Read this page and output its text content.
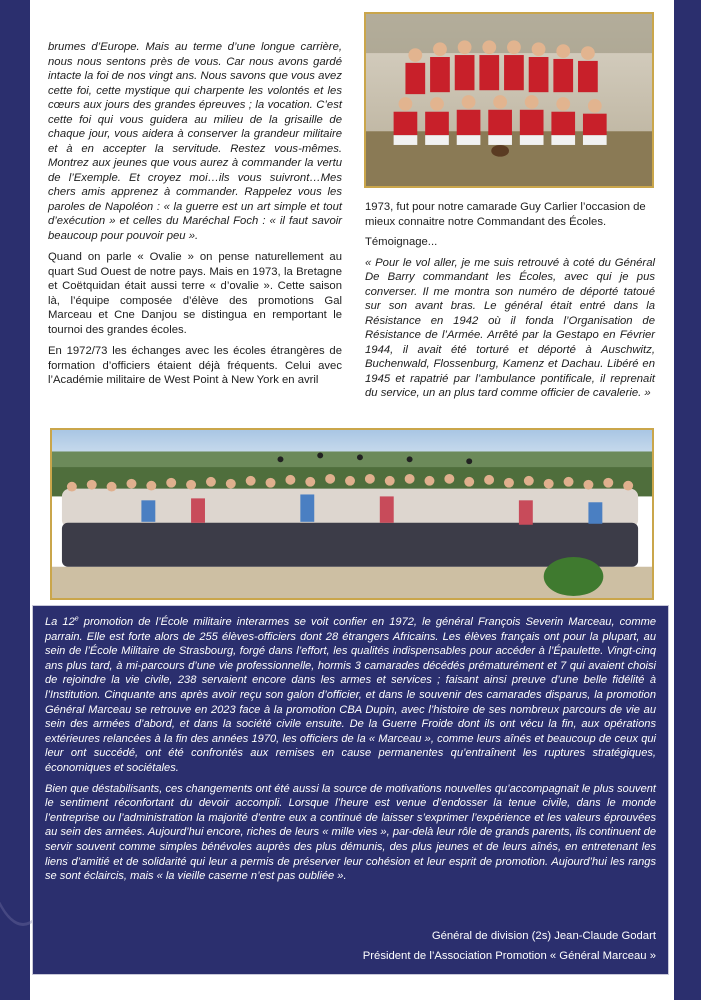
brumes d’Europe. Mais au terme d’une longue carrière, nous nous sentons près de vous. Car nous avons gardé intacte la foi de nos vingt ans. Nous savons que vous avez cette foi, cette mystique qui charpente les volontés et les cœurs aux jours des grandes épreuves ; la vocation. C’est cette foi qui vous guidera au milieu de la grisaille de chaque jour, vous aidera à conserver la grandeur militaire et à en accepter la servitude. Restez vous-mêmes. Montrez aux jeunes que vous aurez à commander la vertu de l’Exemple. Et croyez moi…ils vous suivront…Mes chers amis apprenez à commander. Rappelez vous les paroles de Napoléon : « la guerre est un art simple et tout d’exécution » et celles du Maréchal Foch : « il faut savoir beaucoup pour pouvoir peu ».

Quand on parle « Ovalie » on pense naturellement au quart Sud Ouest de notre pays. Mais en 1973, la Bretagne et Coëtquidan était aussi terre « d’ovalie ». Cette saison là, l’équipe composée d’élève des promotions Gal Marceau et Cne Danjou se distingua en remportant le tournoi des grandes écoles.

En 1972/73 les échanges avec les écoles étrangères de formation d’officiers étaient déjà fréquents. Celui avec l’Académie militaire de West Point à New York en avril

1973, fut pour notre camarade Guy Carlier l’occasion de mieux connaitre notre Commandant des Écoles.

Témoignage...

« Pour le vol aller, je me suis retrouvé à coté du Général De Barry commandant les Écoles, avec qui je pus converser. Il me montra son numéro de déporté tatoué sur son avant bras. Le général était entré dans la Résistance en 1942 où il fonda l’Organisation de Résistance de l’Armée. Arrêté par la Gestapo en Février 1944, il avait été torturé et déporté à Auschwitz, Buchenwald, Flossenburg, Kamenz et Dachau. Libéré en 1945 et rapatrié par l’ambulance pontificale, il reprenait du service, un an plus tard comme officier de cavalerie. »

La 12e promotion de l’École militaire interarmes se voit confier en 1972, le général François Severin Marceau, comme parrain. Elle est forte alors de 255 élèves-officiers dont 28 étrangers Africains. Les élèves français ont pour la plupart, au sein de l’École Militaire de Strasbourg, forgé dans l’effort, les qualités indispensables pour accéder à l’Épaulette. Vingt-cinq ans plus tard, à mi-parcours d’une vie professionnelle, hormis 3 camarades décédés prématurément et 7 qui avaient choisi de rejoindre la vie civile, 238 servaient encore dans les armes et services ; faisant ainsi preuve d’une belle fidélité à l’Institution. Cinquante ans après avoir reçu son galon d’officier, et dans le souvenir des camarades disparus, la promotion Général Marceau se retrouve en 2023 face à la promotion CBA Dupin, avec l’histoire de ses nombreux parcours de vie au sein des armées d’abord, et dans la société civile ensuite. De la Guerre Froide dont ils ont vécu la fin, aux opérations extérieures relancées à la fin des années 1970, les officiers de la « Marceau », comme leurs aînés et beaucoup de ceux qui leur ont succédé, ont été confrontés aux remises en cause permanentes qu’entraînent les ruptures stratégiques, économiques et sociétales.

Bien que déstabilisants, ces changements ont été aussi la source de motivations nouvelles qu’accompagnait le plus souvent le sentiment réconfortant du devoir accompli. Lorsque l’heure est venue d’endosser la tenue civile, dans le monde l’entreprise ou l’administration la majorité d’entre eux a continué de laisser s’exprimer l’expérience et les valeurs éprouvées au sein des armées. Aujourd’hui encore, riches de leurs « mille vies », par-delà leur rôle de grands parents, ils continuent de servir souvent comme simples bénévoles auprès des plus démunis, des plus jeunes et de leurs aînés, en entretenant les liens d’amitié et de solidarité qui leur a permis de préserver leur cohésion et leur esprit de promotion. Aujourd’hui les rangs se sont éclaircis, mais « la vieille caserne n’est pas oubliée ».

Général de division (2s) Jean-Claude Godart
Président de l’Association Promotion « Général Marceau »
